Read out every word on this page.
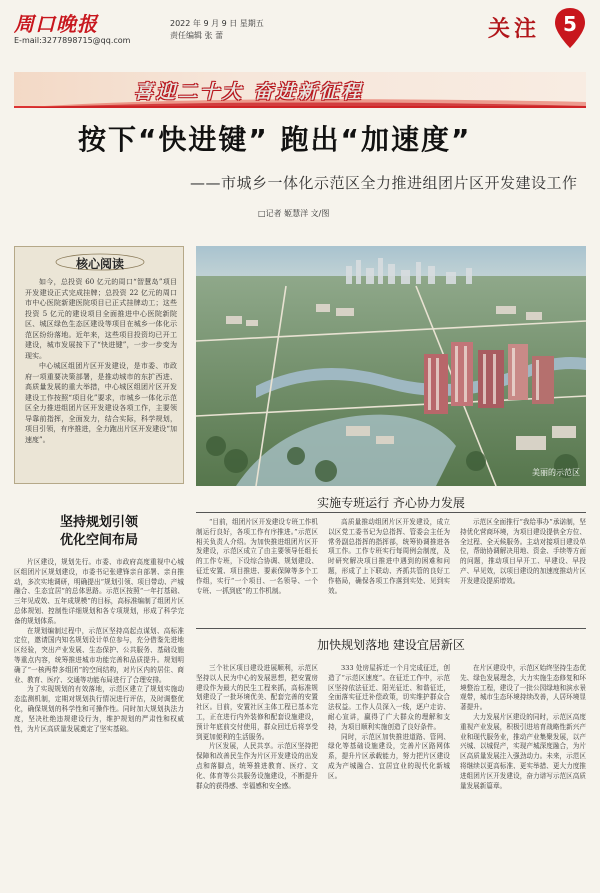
周口晚报
E-mail:3277898715@qq.com
2022 年 9 月 9 日 星期五
责任编辑 张 蕾	关注	5
喜迎二十大 奋进新征程
按下“快进键” 跑出“加速度”
——市城乡一体化示范区全力推进组团片区开发建设工作
□记者 姬慧洋 文/图
核心阅读

如今，总投资 60 亿元的周口“智慧岛”项目开发建设正式完成挂牌；总投资 22 亿元的周口市中心医院新建医院项目已正式挂牌动工；这些投资 5 亿元的建设项目全面推进中心医院新院区、城区绿色生态区建设等项目在城乡一体化示范区纷纷落地。近年来，这些项目投资均已开工建设，城市发展按下了“快进键”，一步一步变为现实。

中心城区组团片区开发建设，是市委、市政府一项重要决策部署，是推动城市的东扩西进、高质量发展的重大举措，中心城区组团片区开发建设工作按照“项目化”要求，市城乡一体化示范区全力推进组团片区开发建设各项工作，主要领导靠前指挥，全面发力，结合实际，科学规划，项目引领，有序推进，全力跑出片区开发建设“加速度”。

美丽的示范区
实施专班运行 齐心协力发展
坚持规划引领
优化空间布局

片区建设，规划先行。市委、市政府高度重视中心城区组团片区规划建设，市委书记张建锋亲自部署、亲自推动，多次实地调研，明确提出“规划引领、项目带动、产城融合、生态宜居”的总体思路。示范区按照“一年打基础、三年见成效、五年成规模”的目标，高标准编制了组团片区总体规划、控制性详细规划和各专项规划，形成了科学完备的规划体系。

在规划编制过程中，示范区坚持高起点谋划、高标准定位，邀请国内知名规划设计单位参与，充分借鉴先进地区经验，突出产业发展、生态保护、公共服务、基础设施等重点内容，统筹推进城市功能完善和品质提升。规划明确了“一核两带多组团”的空间结构，对片区内的居住、商业、教育、医疗、交通等功能布局进行了合理安排。

为了实现规划的有效落地，示范区建立了规划实施动态监测机制，定期对规划执行情况进行评估，及时调整优化，确保规划的科学性和可操作性。同时加大规划执法力度，坚决杜绝违规建设行为，维护规划的严肃性和权威性，为片区高质量发展奠定了坚实基础。

“目前，组团片区开发建设专班工作机制运行良好，各项工作有序推进。”示范区相关负责人介绍。为加快推进组团片区开发建设，示范区成立了由主要领导任组长的工作专班，下设综合协调、规划建设、征迁安置、项目推进、要素保障等多个工作组，实行“一个项目、一名领导、一个专班、一抓到底”的工作机制。

高质量推动组团片区开发建设，成立以区党工委书记为总指挥、管委会主任为常务副总指挥的指挥部，统筹协调推进各项工作。工作专班实行每周例会制度，及时研究解决项目推进中遇到的困难和问题，形成了上下联动、齐抓共管的良好工作格局，确保各项工作落到实处、见到实效。

示范区全面推行“我给事办”承诺制，坚持优化营商环境，为项目建设提供全方位、全过程、全天候服务。主动对接项目建设单位，帮助协调解决用地、资金、手续等方面的问题，推动项目早开工、早建设、早投产、早见效，以项目建设的加速度推动片区开发建设提质增效。

加快规划落地 建设宜居新区

三个社区项目建设进展顺利，示范区坚持以人民为中心的发展思想，把安置房建设作为最大的民生工程来抓，高标准规划建设了一批环境优美、配套完善的安置社区。目前，安置社区主体工程已基本完工，正在进行内外装修和配套设施建设，预计年底前交付使用，群众回迁后将享受到更加便利的生活服务。

片区发展，人民共享。示范区坚持把保障和改善民生作为片区开发建设的出发点和落脚点，统筹推进教育、医疗、文化、体育等公共服务设施建设，不断提升群众的获得感、幸福感和安全感。

333 处房屋拆迁一个月完成征迁，创造了“示范区速度”。在征迁工作中，示范区坚持依法征迁、阳光征迁、和谐征迁，全面落实征迁补偿政策，切实维护群众合法权益。工作人员深入一线，逐户走访、耐心宣讲，赢得了广大群众的理解和支持，为项目顺利实施创造了良好条件。

同时，示范区加快推进道路、管网、绿化等基础设施建设，完善片区路网体系，提升片区承载能力，努力把片区建设成为产城融合、宜居宜业的现代化新城区。

在片区建设中，示范区始终坚持生态优先、绿色发展理念，大力实施生态修复和环境整治工程，建设了一批公园绿地和滨水景观带，城市生态环境持续改善，人居环境显著提升。

大力发展片区建设的同时，示范区高度重视产业发展，积极引进培育战略性新兴产业和现代服务业，推动产业集聚发展，以产兴城、以城促产，实现产城深度融合，为片区高质量发展注入强劲动力。未来，示范区将继续以更高标准、更实举措、更大力度推进组团片区开发建设，奋力谱写示范区高质量发展新篇章。
